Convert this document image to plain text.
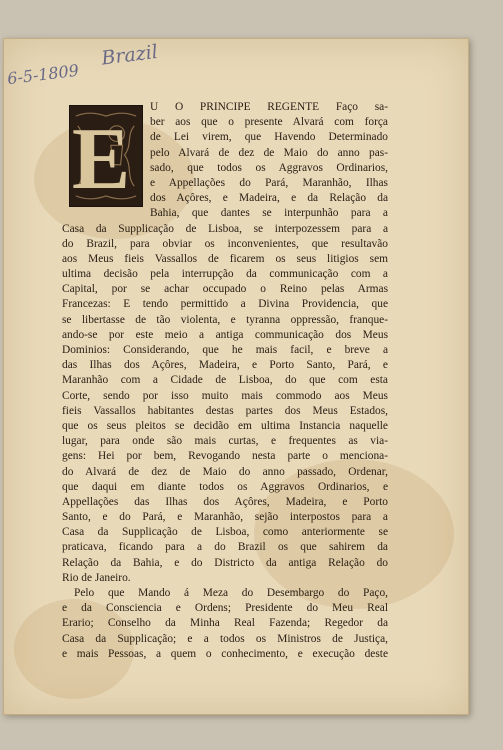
6-5-1809
Brazil
E
U O PRINCIPE REGENTE Faço sa-
ber aos que o presente Alvará com força
de Lei virem, que Havendo Determinado
pelo Alvará de dez de Maio do anno pas-
sado, que todos os Aggravos Ordinarios,
e Appellações do Pará, Maranhão, Ilhas
dos Açôres, e Madeira, e da Relação da
Bahia, que dantes se interpunhão para a
Casa da Supplicação de Lisboa, se interpozessem para a
do Brazil, para obviar os inconvenientes, que resultavão
aos Meus fieis Vassallos de ficarem os seus litigios sem
ultima decisão pela interrupção da communicação com a
Capital, por se achar occupado o Reino pelas Armas
Francezas: E tendo permittido a Divina Providencia, que
se libertasse de tão violenta, e tyranna oppressão, franque-
ando-se por este meio a antiga communicação dos Meus
Dominios: Considerando, que he mais facil, e breve a
das Ilhas dos Açôres, Madeira, e Porto Santo, Pará, e
Maranhão com a Cidade de Lisboa, do que com esta
Corte, sendo por isso muito mais commodo aos Meus
fieis Vassallos habitantes destas partes dos Meus Estados,
que os seus pleitos se decidão em ultima Instancia naquelle
lugar, para onde são mais curtas, e frequentes as via-
gens: Hei por bem, Revogando nesta parte o menciona-
do Alvará de dez de Maio do anno passado, Ordenar,
que daqui em diante todos os Aggravos Ordinarios, e
Appellações das Ilhas dos Açôres, Madeira, e Porto
Santo, e do Pará, e Maranhão, sejão interpostos para a
Casa da Supplicação de Lisboa, como anteriormente se
praticava, ficando para a do Brazil os que sahirem da
Relação da Bahia, e do Districto da antiga Relação do
Rio de Janeiro.
Pelo que Mando á Meza do Desembargo do Paço,
e da Consciencia e Ordens; Presidente do Meu Real
Erario; Conselho da Minha Real Fazenda; Regedor da
Casa da Supplicação; e a todos os Ministros de Justiça,
e mais Pessoas, a quem o conhecimento, e execução deste
